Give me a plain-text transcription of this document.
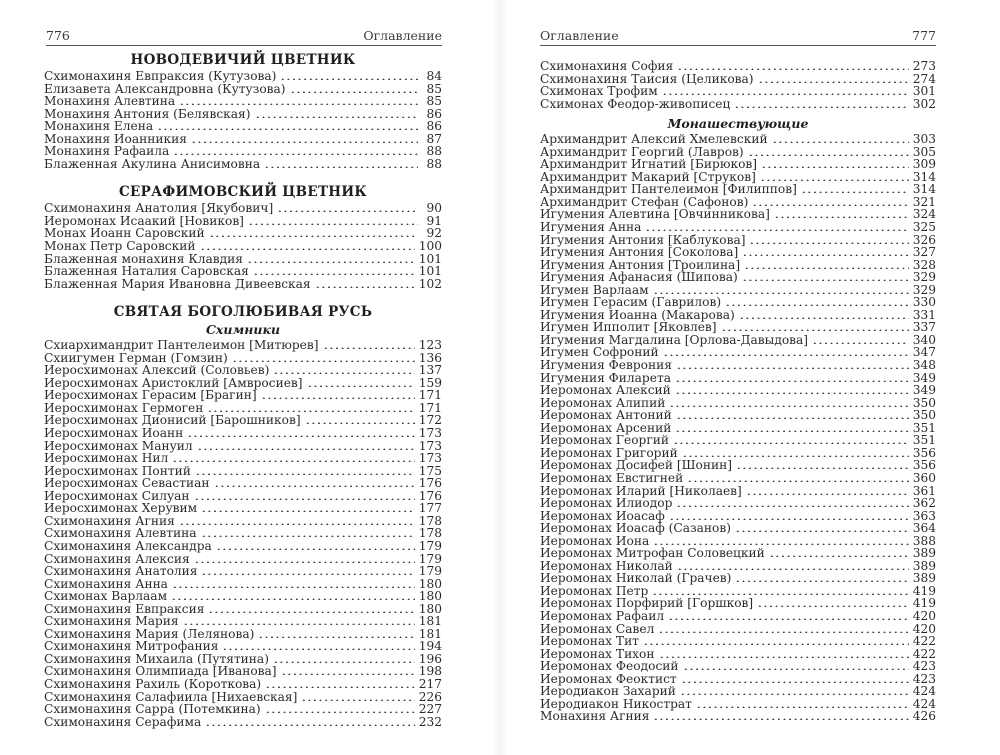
776	Оглавление
НОВОДЕВИЧИЙ ЦВЕТНИК
Схимонахиня Евпраксия (Кутузова)	84
Елизавета Александровна (Кутузова)	85
Монахиня Алевтина	85
Монахиня Антония (Белявская)	86
Монахиня Елена	86
Монахиня Иоанникия	87
Монахиня Рафаила	88
Блаженная Акулина Анисимовна	88
СЕРАФИМОВСКИЙ ЦВЕТНИК
Схимонахиня Анатолия [Якубович]	90
Иеромонах Исаакий [Новиков]	91
Монах Иоанн Саровский	92
Монах Петр Саровский	100
Блаженная монахиня Клавдия	101
Блаженная Наталия Саровская	101
Блаженная Мария Ивановна Дивеевская	102
СВЯТАЯ БОГОЛЮБИВАЯ РУСЬ
Схимники
Схиархимандрит Пантелеимон [Митюрев]	123
Схиигумен Герман (Гомзин)	136
Иеросхимонах Алексий (Соловьев)	137
Иеросхимонах Аристоклий [Амвросиев]	159
Иеросхимонах Герасим [Брагин]	171
Иеросхимонах Гермоген	171
Иеросхимонах Дионисий [Барошников]	172
Иеросхимонах Иоанн	173
Иеросхимонах Мануил	173
Иеросхимонах Нил	173
Иеросхимонах Понтий	175
Иеросхимонах Севастиан	176
Иеросхимонах Силуан	176
Иеросхимонах Херувим	177
Схимонахиня Агния	178
Схимонахиня Алевтина	178
Схимонахиня Александра	179
Схимонахиня Алексия	179
Схимонахиня Анатолия	179
Схимонахиня Анна	180
Схимонах Варлаам	180
Схимонахиня Евпраксия	180
Схимонахиня Мария	181
Схимонахиня Мария (Лелянова)	181
Схимонахиня Митрофания	194
Схимонахиня Михаила (Путятина)	196
Схимонахиня Олимпиада [Иванова]	198
Схимонахиня Рахиль (Короткова)	217
Схимонахиня Салафиила [Нихаевская]	226
Схимонахиня Сарра (Потемкина)	227
Схимонахиня Серафима	232
Оглавление	777
Схимонахиня София	273
Схимонахиня Таисия (Целикова)	274
Схимонах Трофим	301
Схимонах Феодор-живописец	302
Монашествующие
Архимандрит Алексий Хмелевский	303
Архимандрит Георгий (Лавров)	305
Архимандрит Игнатий [Бирюков]	309
Архимандрит Макарий [Струков]	314
Архимандрит Пантелеимон [Филиппов]	314
Архимандрит Стефан (Сафонов)	321
Игумения Алевтина [Овчинникова]	324
Игумения Анна	325
Игумения Антония [Каблукова]	326
Игумения Антония [Соколова]	327
Игумения Антония [Троилина]	328
Игумения Афанасия (Шипова)	329
Игумен Варлаам	329
Игумен Герасим (Гаврилов)	330
Игумения Иоанна (Макарова)	331
Игумен Ипполит [Яковлев]	337
Игумения Магдалина [Орлова-Давыдова]	340
Игумен Софроний	347
Игумения Феврония	348
Игумения Филарета	349
Иеромонах Алексий	349
Иеромонах Алипий	350
Иеромонах Антоний	350
Иеромонах Арсений	351
Иеромонах Георгий	351
Иеромонах Григорий	356
Иеромонах Досифей [Шонин]	356
Иеромонах Евстигней	360
Иеромонах Иларий [Николаев]	361
Иеромонах Илиодор	362
Иеромонах Иоасаф	363
Иеромонах Иоасаф (Сазанов)	364
Иеромонах Иона	388
Иеромонах Митрофан Соловецкий	389
Иеромонах Николай	389
Иеромонах Николай (Грачев)	389
Иеромонах Петр	419
Иеромонах Порфирий [Горшков]	419
Иеромонах Рафаил	420
Иеромонах Савел	420
Иеромонах Тит	422
Иеромонах Тихон	422
Иеромонах Феодосий	423
Иеромонах Феоктист	423
Иеродиакон Захарий	424
Иеродиакон Никострат	424
Монахиня Агния	426
